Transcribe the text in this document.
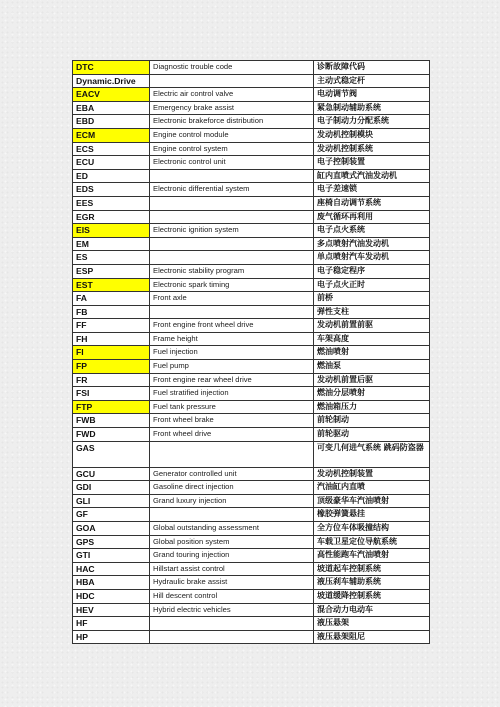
DTC	Diagnostic trouble code	诊断故障代码
Dynamic.Drive		主动式稳定杆
EACV	Electric air control valve	电动调节阀
EBA	Emergency brake assist	紧急制动辅助系统
EBD	Electronic brakeforce distribution	电子制动力分配系统
ECM	Engine control module	发动机控制模块
ECS	Engine control system	发动机控制系统
ECU	Electronic control unit	电子控制装置
ED		缸内直喷式汽油发动机
EDS	Electronic differential system	电子差速锁
EES		座椅自动调节系统
EGR		废气循环再利用
EIS	Electronic ignition system	电子点火系统
EM		多点喷射汽油发动机
ES		单点喷射汽车发动机
ESP	Electronic stability program	电子稳定程序
EST	Electronic spark timing	电子点火正时
FA	Front axle	前桥
FB		弹性支柱
FF	Front engine front wheel drive	发动机前置前驱
FH	Frame height	车架高度
FI	Fuel injection	燃油喷射
FP	Fuel pump	燃油泵
FR	Front engine rear wheel drive	发动机前置后驱
FSI	Fuel stratified injection	燃油分层喷射
FTP	Fuel tank pressure	燃油箱压力
FWB	Front wheel brake	前轮制动
FWD	Front wheel drive	前轮驱动
GAS		可变几何进气系统 跳码防盗器
GCU	Generator controlled unit	发动机控制装置
GDI	Gasoline direct injection	汽油缸内直喷
GLI	Grand luxury injection	顶级豪华车汽油喷射
GF		橡胶弹簧悬挂
GOA	Global outstanding assessment	全方位车体吸撞结构
GPS	Global position system	车载卫星定位导航系统
GTI	Grand touring injection	高性能跑车汽油喷射
HAC	Hillstart assist control	坡道起车控制系统
HBA	Hydraulic brake assist	液压刹车辅助系统
HDC	Hill descent control	坡道缓降控制系统
HEV	Hybrid electric vehicles	混合动力电动车
HF		液压悬架
HP		液压悬架阻尼
